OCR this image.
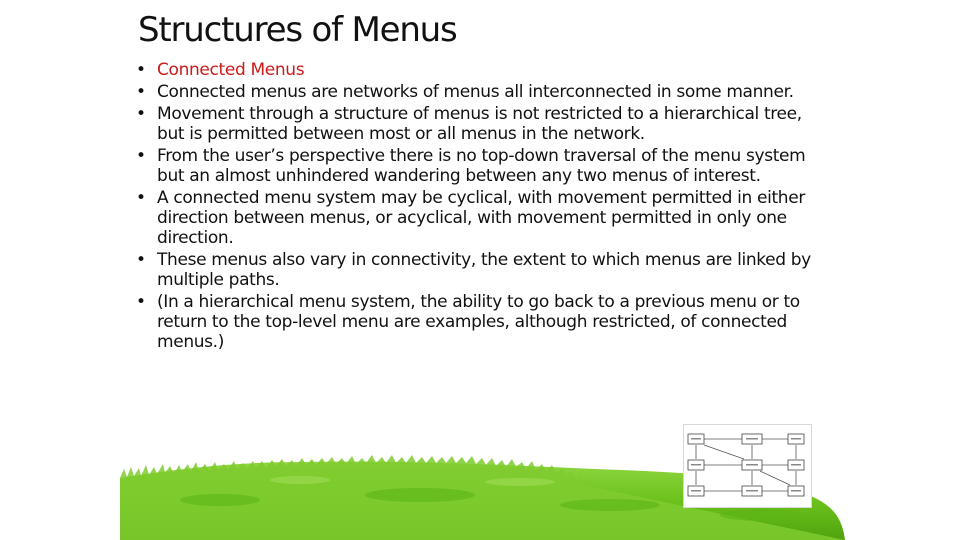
Structures of Menus
• Connected Menus
• Connected menus are networks of menus all interconnected in some manner.
• Movement through a structure of menus is not restricted to a hierarchical tree, but is permitted between most or all menus in the network.
• From the user’s perspective there is no top-down traversal of the menu system but an almost unhindered wandering between any two menus of interest.
• A connected menu system may be cyclical, with movement permitted in either direction between menus, or acyclical, with movement permitted in only one direction.
• These menus also vary in connectivity, the extent to which menus are linked by multiple paths.
• (In a hierarchical menu system, the ability to go back to a previous menu or to return to the top-level menu are examples, although restricted, of connected menus.)
